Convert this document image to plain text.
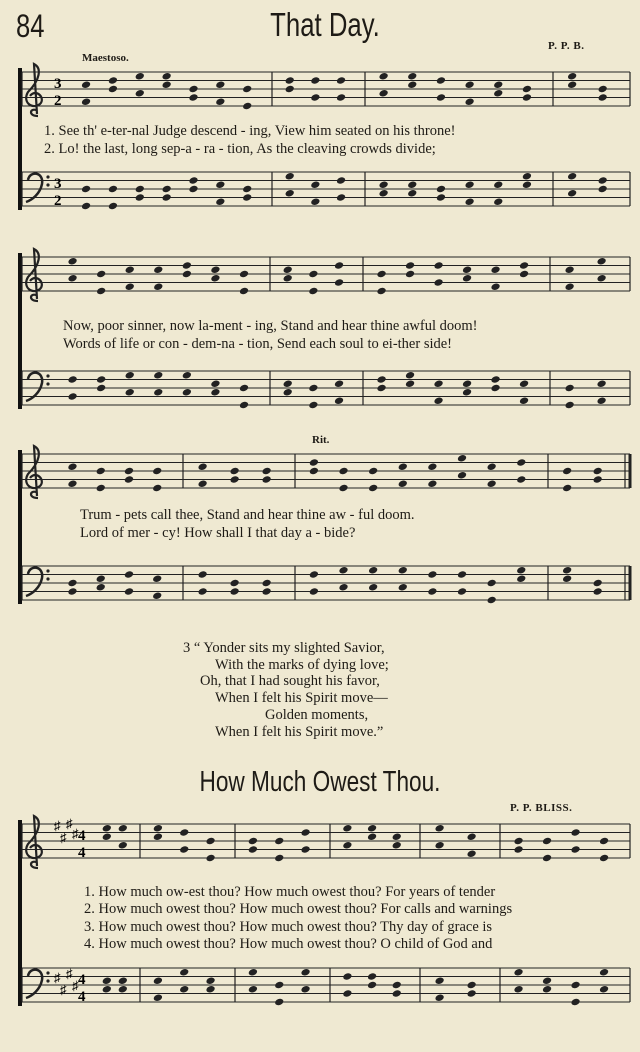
84	That Day.
P. P. B.
Maestoso.
3
2
3
2
1. See th' e-ter-nal Judge descend - ing, View him seated on his throne!
2. Lo! the last, long sep-a - ra - tion, As the cleaving crowds divide;
Now, poor sinner, now la-ment - ing, Stand and hear thine awful doom!
Words of life or con - dem-na - tion, Send each soul to ei-ther side!
Rit.
Trum - pets call thee, Stand and hear thine aw - ful doom.
Lord of mer - cy! How shall I that day a - bide?
3 “ Yonder sits my slighted Savior,
With the marks of dying love;
Oh, that I had sought his favor,
When I felt his Spirit move—
Golden moments,
When I felt his Spirit move.”
How Much Owest Thou.
P. P. BLISS.
♯
♯
♯
♯ 4
4
♯
♯
♯
♯ 4
4
1. How much ow-est thou? How much owest thou? For years of tender
2. How much owest thou? How much owest thou? For calls and warnings
3. How much owest thou? How much owest thou? Thy day of grace is
4. How much owest thou? How much owest thou? O child of God and
